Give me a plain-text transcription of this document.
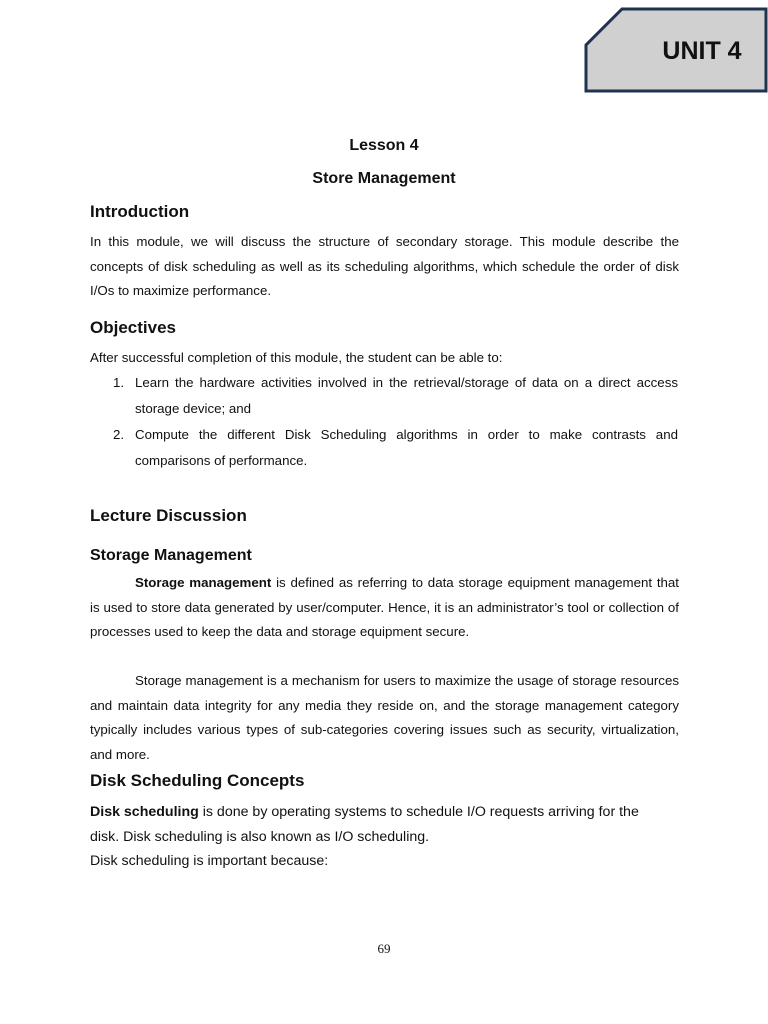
UNIT 4
Lesson 4
Store Management
Introduction

In this module, we will discuss the structure of secondary storage. This module describe the concepts of disk scheduling as well as its scheduling algorithms, which schedule the order of disk I/Os to maximize performance.

Objectives
After successful completion of this module, the student can be able to:
1. Learn the hardware activities involved in the retrieval/storage of data on a direct access storage device; and

2. Compute the different Disk Scheduling algorithms in order to make contrasts and comparisons of performance.

Lecture Discussion
Storage Management

Storage management is defined as referring to data storage equipment management that is used to store data generated by user/computer. Hence, it is an administrator’s tool or collection of processes used to keep the data and storage equipment secure.

Storage management is a mechanism for users to maximize the usage of storage resources and maintain data integrity for any media they reside on, and the storage management category typically includes various types of sub-categories covering issues such as security, virtualization, and more.

Disk Scheduling Concepts
Disk scheduling is done by operating systems to schedule I/O requests arriving for the
disk. Disk scheduling is also known as I/O scheduling.
Disk scheduling is important because:
69
